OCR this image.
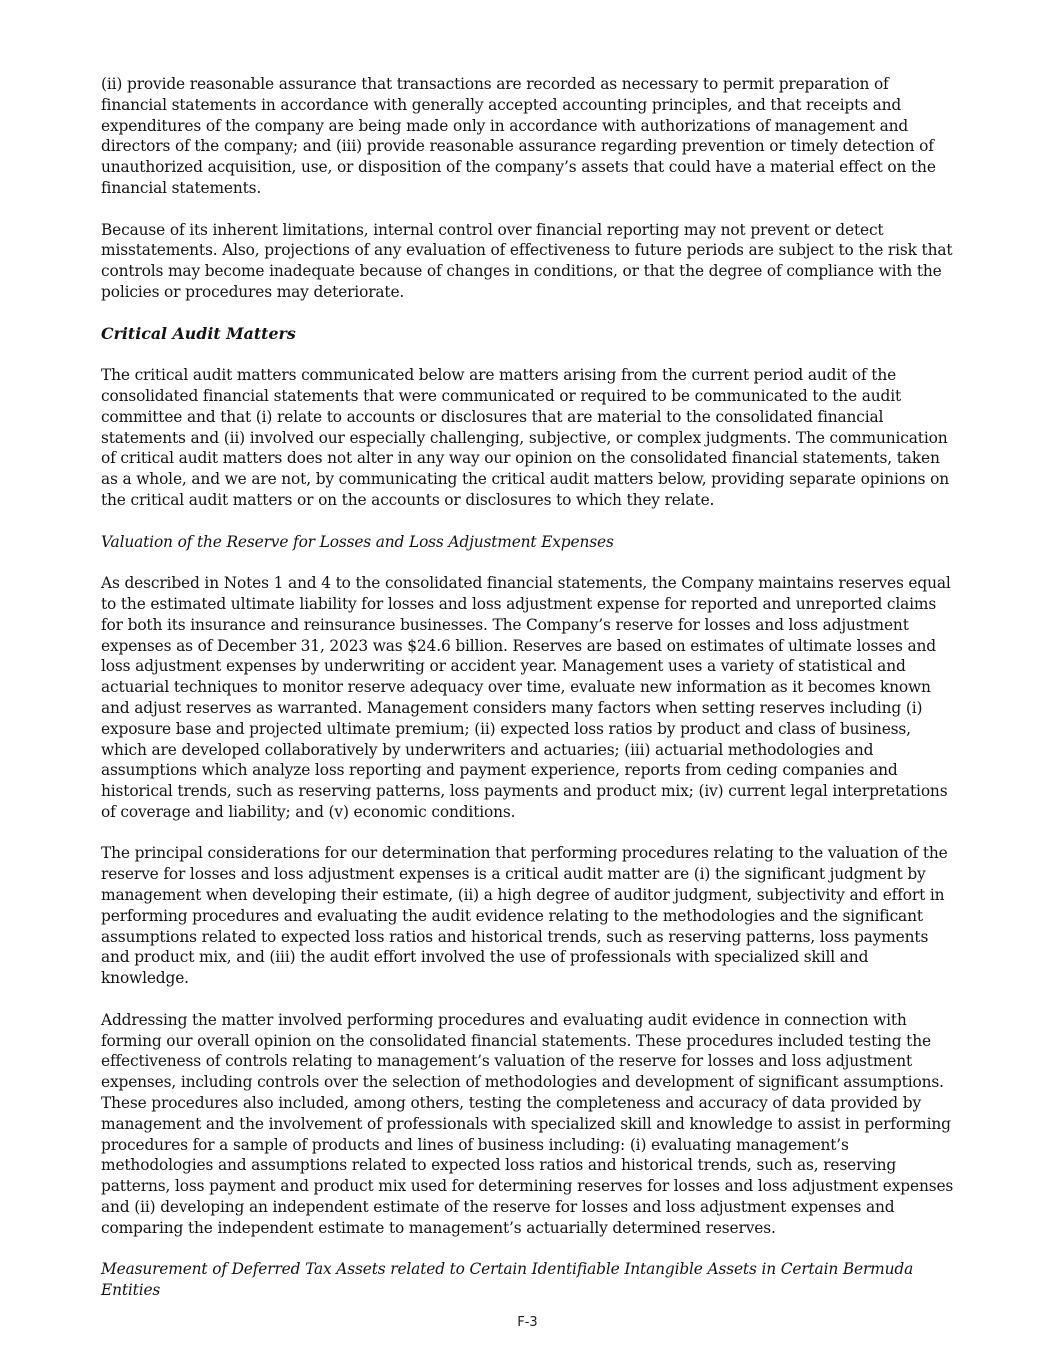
(ii) provide reasonable assurance that transactions are recorded as necessary to permit preparation of financial statements in accordance with generally accepted accounting principles, and that receipts and expenditures of the company are being made only in accordance with authorizations of management and directors of the company; and (iii) provide reasonable assurance regarding prevention or timely detection of unauthorized acquisition, use, or disposition of the company’s assets that could have a material effect on the financial statements.

Because of its inherent limitations, internal control over financial reporting may not prevent or detect misstatements. Also, projections of any evaluation of effectiveness to future periods are subject to the risk that controls may become inadequate because of changes in conditions, or that the degree of compliance with the policies or procedures may deteriorate.

Critical Audit Matters

The critical audit matters communicated below are matters arising from the current period audit of the consolidated financial statements that were communicated or required to be communicated to the audit committee and that (i) relate to accounts or disclosures that are material to the consolidated financial statements and (ii) involved our especially challenging, subjective, or complex judgments. The communication of critical audit matters does not alter in any way our opinion on the consolidated financial statements, taken as a whole, and we are not, by communicating the critical audit matters below, providing separate opinions on the critical audit matters or on the accounts or disclosures to which they relate.

Valuation of the Reserve for Losses and Loss Adjustment Expenses

As described in Notes 1 and 4 to the consolidated financial statements, the Company maintains reserves equal to the estimated ultimate liability for losses and loss adjustment expense for reported and unreported claims for both its insurance and reinsurance businesses. The Company’s reserve for losses and loss adjustment expenses as of December 31, 2023 was $24.6 billion. Reserves are based on estimates of ultimate losses and loss adjustment expenses by underwriting or accident year. Management uses a variety of statistical and actuarial techniques to monitor reserve adequacy over time, evaluate new information as it becomes known and adjust reserves as warranted. Management considers many factors when setting reserves including (i) exposure base and projected ultimate premium; (ii) expected loss ratios by product and class of business, which are developed collaboratively by underwriters and actuaries; (iii) actuarial methodologies and assumptions which analyze loss reporting and payment experience, reports from ceding companies and historical trends, such as reserving patterns, loss payments and product mix; (iv) current legal interpretations of coverage and liability; and (v) economic conditions.

The principal considerations for our determination that performing procedures relating to the valuation of the reserve for losses and loss adjustment expenses is a critical audit matter are (i) the significant judgment by management when developing their estimate, (ii) a high degree of auditor judgment, subjectivity and effort in performing procedures and evaluating the audit evidence relating to the methodologies and the significant assumptions related to expected loss ratios and historical trends, such as reserving patterns, loss payments and product mix, and (iii) the audit effort involved the use of professionals with specialized skill and knowledge.

Addressing the matter involved performing procedures and evaluating audit evidence in connection with forming our overall opinion on the consolidated financial statements. These procedures included testing the effectiveness of controls relating to management’s valuation of the reserve for losses and loss adjustment expenses, including controls over the selection of methodologies and development of significant assumptions. These procedures also included, among others, testing the completeness and accuracy of data provided by management and the involvement of professionals with specialized skill and knowledge to assist in performing procedures for a sample of products and lines of business including: (i) evaluating management’s methodologies and assumptions related to expected loss ratios and historical trends, such as, reserving patterns, loss payment and product mix used for determining reserves for losses and loss adjustment expenses and (ii) developing an independent estimate of the reserve for losses and loss adjustment expenses and comparing the independent estimate to management’s actuarially determined reserves.

Measurement of Deferred Tax Assets related to Certain Identifiable Intangible Assets in Certain Bermuda Entities

F-3
